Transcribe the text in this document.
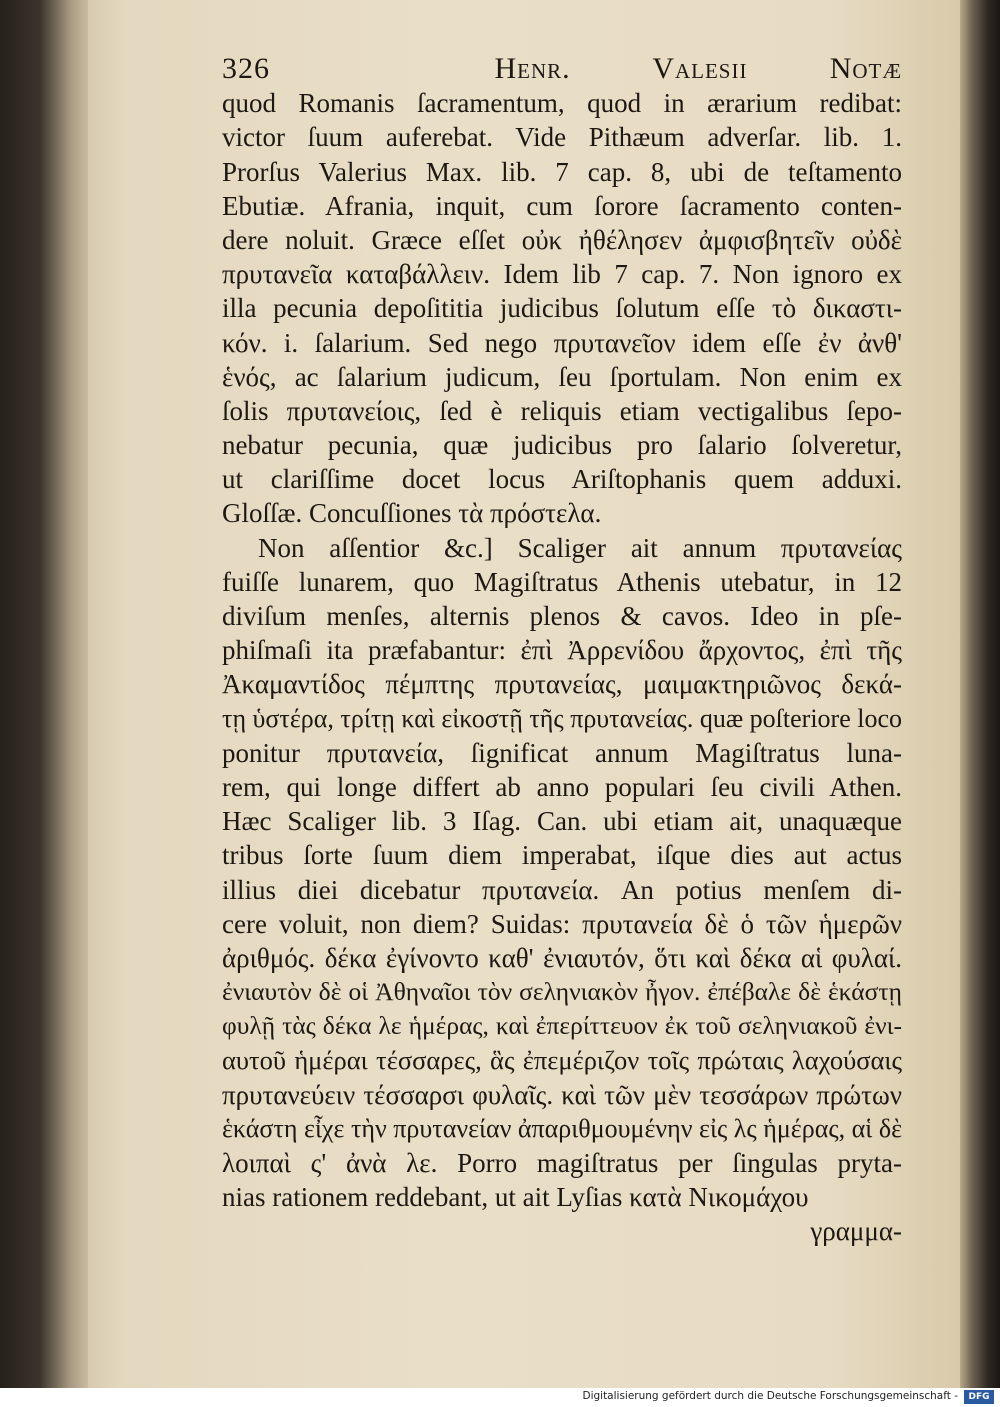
326	Henr. Valesii Notæ
quod Romanis ſacramentum, quod in ærarium redibat:
victor ſuum auferebat. Vide Pithæum adverſar. lib. 1.
Prorſus Valerius Max. lib. 7 cap. 8, ubi de teſtamento
Ebutiæ. Afrania, inquit, cum ſorore ſacramento conten-
dere noluit. Græce eſſet οὐκ ἠθέλησεν ἀμφισβητεῖν οὐδὲ
πρυτανεῖα καταβάλλειν. Idem lib 7 cap. 7. Non ignoro ex
illa pecunia depoſititia judicibus ſolutum eſſe τὸ δικαστι-
κόν. i. ſalarium. Sed nego πρυτανεῖον idem eſſe ἐν ἀνθ'
ἑνός, ac ſalarium judicum, ſeu ſportulam. Non enim ex
ſolis πρυτανείοις, ſed è reliquis etiam vectigalibus ſepo-
nebatur pecunia, quæ judicibus pro ſalario ſolveretur,
ut clariſſime docet locus Ariſtophanis quem adduxi.
Gloſſæ. Concuſſiones τὰ πρόστελα.
Non aſſentior &c.] Scaliger ait annum πρυτανείας
fuiſſe lunarem, quo Magiſtratus Athenis utebatur, in 12
diviſum menſes, alternis plenos & cavos. Ideo in pſe-
phiſmaſi ita præfabantur: ἐπὶ Ἀρρενίδου ἄρχοντος, ἐπὶ τῆς
Ἀκαμαντίδος πέμπτης πρυτανείας, μαιμακτηριῶνος δεκά-
τῃ ὑστέρα, τρίτῃ καὶ εἰκοστῇ τῆς πρυτανείας. quæ poſteriore loco
ponitur πρυτανεία, ſignificat annum Magiſtratus luna-
rem, qui longe differt ab anno populari ſeu civili Athen.
Hæc Scaliger lib. 3 Iſag. Can. ubi etiam ait, unaquæque
tribus ſorte ſuum diem imperabat, iſque dies aut actus
illius diei dicebatur πρυτανεία. An potius menſem di-
cere voluit, non diem? Suidas: πρυτανεία δὲ ὁ τῶν ἡμερῶν
ἀριθμός. δέκα ἐγίνοντο καθ' ἐνιαυτόν, ὅτι καὶ δέκα αἱ φυλαί.
ἐνιαυτὸν δὲ οἱ Ἀθηναῖοι τὸν σεληνιακὸν ἦγον. ἐπέβαλε δὲ ἑκάστῃ
φυλῇ τὰς δέκα λε ἡμέρας, καὶ ἐπερίττευον ἐκ τοῦ σεληνιακοῦ ἐνι-
αυτοῦ ἡμέραι τέσσαρες, ἃς ἐπεμέριζον τοῖς πρώταις λαχούσαις
πρυτανεύειν τέσσαρσι φυλαῖς. καὶ τῶν μὲν τεσσάρων πρώτων
ἑκάστη εἶχε τὴν πρυτανείαν ἀπαριθμουμένην εἰς λς ἡμέρας, αἱ δὲ
λοιπαὶ ς' ἀνὰ λε. Porro magiſtratus per ſingulas pryta-
nias rationem reddebant, ut ait Lyſias κατὰ Νικομάχου
γραμμα-
Digitalisierung gefördert durch die Deutsche Forschungsgemeinschaft -	DFG
